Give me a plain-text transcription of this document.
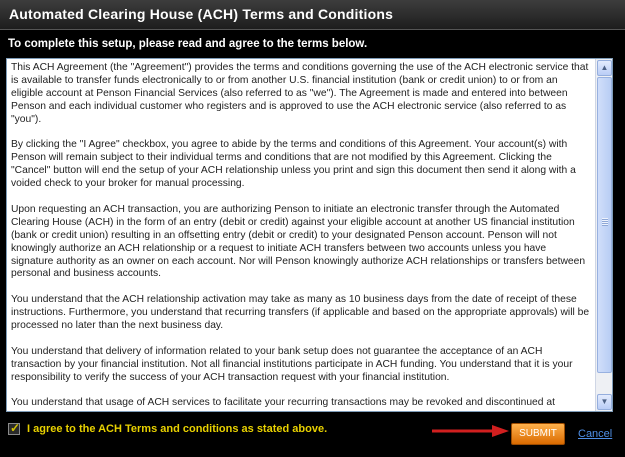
Automated Clearing House (ACH) Terms and Conditions
To complete this setup, please read and agree to the terms below.

This ACH Agreement (the "Agreement") provides the terms and conditions governing the use of the ACH electronic service that is available to transfer funds electronically to or from another U.S. financial institution (bank or credit union) to or from an eligible account at Penson Financial Services (also referred to as "we"). The Agreement is made and entered into between Penson and each individual customer who registers and is approved to use the ACH electronic service (also referred to as "you").

By clicking the "I Agree" checkbox, you agree to abide by the terms and conditions of this Agreement. Your account(s) with Penson will remain subject to their individual terms and conditions that are not modified by this Agreement. Clicking the "Cancel" button will end the setup of your ACH relationship unless you print and sign this document then send it along with a voided check to your broker for manual processing.

Upon requesting an ACH transaction, you are authorizing Penson to initiate an electronic transfer through the Automated Clearing House (ACH) in the form of an entry (debit or credit) against your eligible account at another US financial institution (bank or credit union) resulting in an offsetting entry (debit or credit) to your designated Penson account. Penson will not knowingly authorize an ACH relationship or a request to initiate ACH transfers between two accounts unless you have signature authority as an owner on each account. Nor will Penson knowingly authorize ACH relationships or transfers between personal and business accounts.

You understand that the ACH relationship activation may take as many as 10 business days from the date of receipt of these instructions. Furthermore, you understand that recurring transfers (if applicable and based on the appropriate approvals) will be processed no later than the next business day.

You understand that delivery of information related to your bank setup does not guarantee the acceptance of an ACH transaction by your financial institution. Not all financial institutions participate in ACH funding. You understand that it is your responsibility to verify the success of your ACH transaction request with your financial institution.

You understand that usage of ACH services to facilitate your recurring transactions may be revoked and discontinued at

▲
▼
✓ I agree to the ACH Terms and conditions as stated above.	SUBMIT	Cancel
